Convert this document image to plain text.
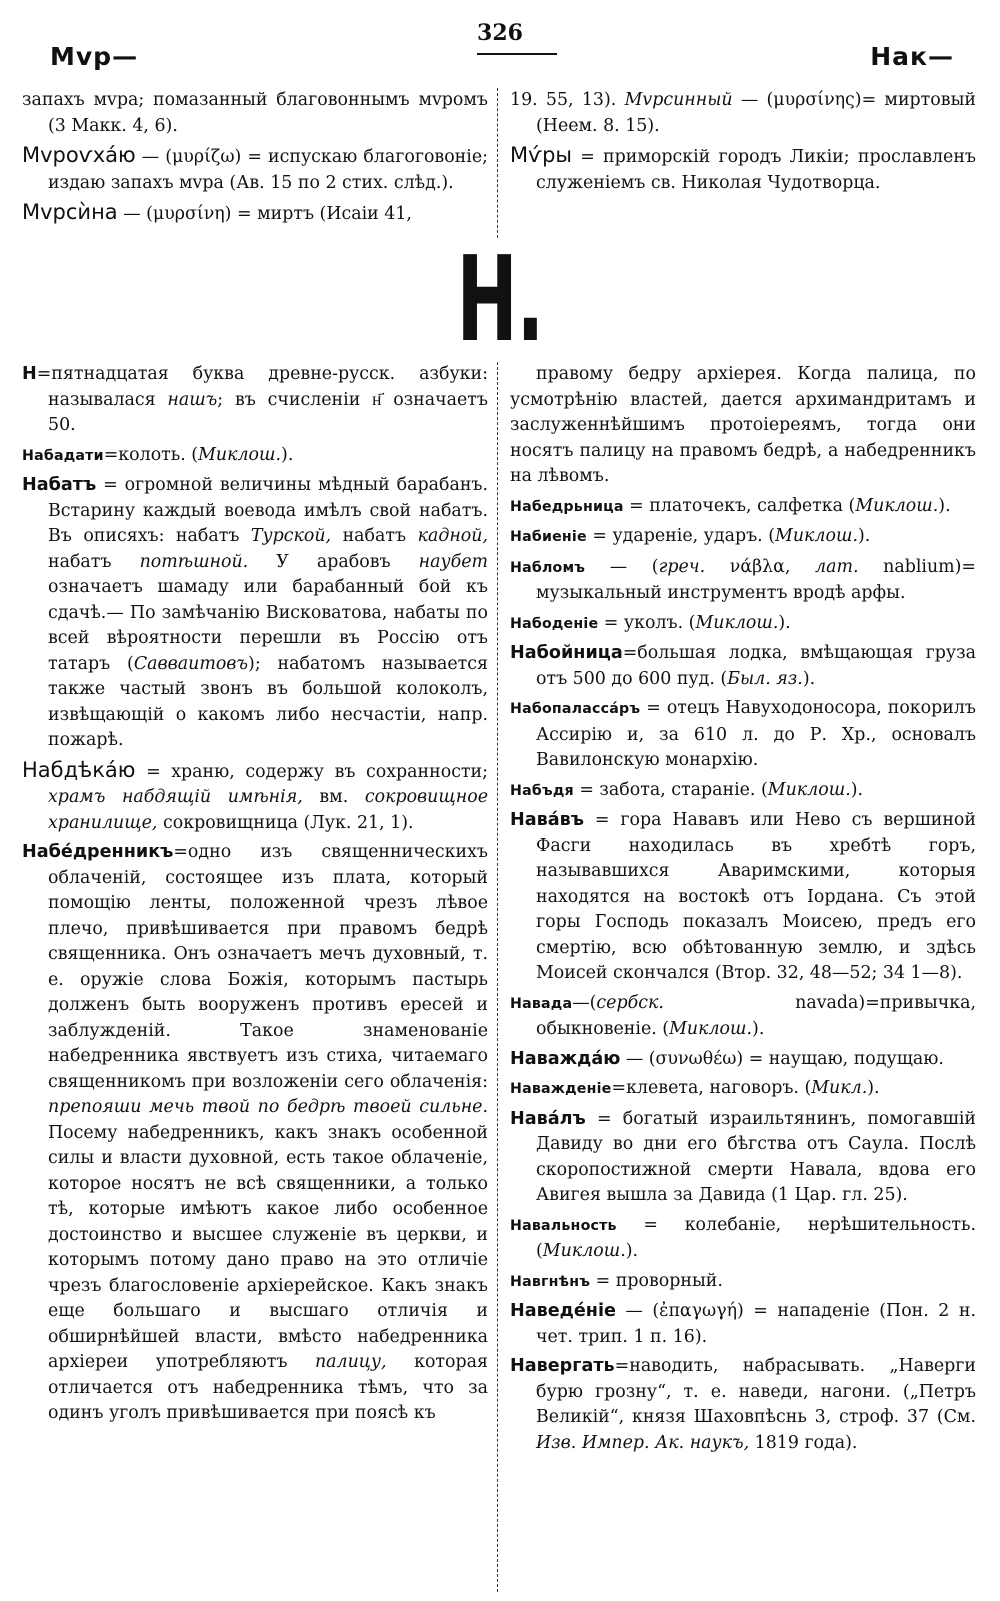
Мvр—
326
Нак—

запахъ мvра; помазанный благовоннымъ мvромъ (3 Макк. 4, 6).

Мvроѵха́ю — (μυρίζω) = испускаю благоговоніе; издаю запахъ мvра (Ав. 15 по 2 стих. слѣд.).

Мvрсѝна — (μυρσίνη) = миртъ (Исаiи 41,

19. 55, 13). Мvрсинный — (μυρσίνης)= миртовый (Неем. 8. 15).

Мѵ́ры = приморскiй городъ Ликiи; прославленъ служенiемъ св. Николая Чудотворца.

Н.

Н=пятнадцатая буква древне-русск. азбуки: называлася нашъ; въ счисленiи н҃ означаетъ 50.

Набадати=колоть. (Миклош.).

Набатъ = огромной величины мѣдный барабанъ. Встарину каждый воевода имѣлъ свой набатъ. Въ описяхъ: набатъ Турской, набатъ кадной, набатъ потѣшной. У арабовъ наубет означаетъ шамаду или барабанный бой къ сдачѣ.— По замѣчанiю Висковатова, набаты по всей вѣроятности перешли въ Россiю отъ татаръ (Савваитовъ); набатомъ называется также частый звонъ въ большой колоколъ, извѣщающiй о какомъ либо несчастiи, напр. пожарѣ.

Набдѣка́ю = храню, содержу въ сохранности; храмъ набдящiй имѣнiя, вм. сокровищное хранилище, сокровищница (Лук. 21, 1).

Набе́дренникъ=одно изъ священническихъ облаченiй, состоящее изъ плата, который помощiю ленты, положенной чрезъ лѣвое плечо, привѣшивается при правомъ бедрѣ священника. Онъ означаетъ мечъ духовный, т. е. оружiе слова Божiя, которымъ пастырь долженъ быть вооруженъ противъ ересей и заблужденiй. Такое знаменованiе набедренника явствуетъ изъ стиха, читаемаго священникомъ при возложенiи сего облаченiя: препояши мечь твой по бедрѣ твоей сильне. Посему набедренникъ, какъ знакъ особенной силы и власти духовной, есть такое облаченiе, которое носятъ не всѣ священники, а только тѣ, которые имѣютъ какое либо особенное достоинство и высшее служенiе въ церкви, и которымъ потому дано право на это отличiе чрезъ благословенiе архiерейское. Какъ знакъ еще большаго и высшаго отличiя и обширнѣйшей власти, вмѣсто набедренника архiереи употребляютъ палицу, которая отличается отъ набедренника тѣмъ, что за одинъ уголъ привѣшивается при поясѣ къ

правому бедру архiерея. Когда палица, по усмотрѣнiю властей, дается архимандритамъ и заслуженнѣйшимъ протоiереямъ, тогда они носятъ палицу на правомъ бедрѣ, а набедренникъ на лѣвомъ.

Набедрьница = платочекъ, салфетка (Миклош.).

Набиенiе = удареніе, ударъ. (Миклош.).

Набломъ — (греч. νάβλα, лат. nablium)= музыкальный инструментъ вродѣ арфы.

Набоденiе = уколъ. (Миклош.).

Набойница=большая лодка, вмѣщающая груза отъ 500 до 600 пуд. (Был. яз.).

Набопаласса́ръ = отецъ Навуходоносора, покорилъ Ассирiю и, за 610 л. до Р. Хр., основалъ Вавилонскую монархiю.

Набъдя = забота, старанiе. (Миклош.).

Нава́въ = гора Нававъ или Нево съ вершиной Фасги находилась въ хребтѣ горъ, называвшихся Аваримскими, которыя находятся на востокѣ отъ Iордана. Съ этой горы Господь показалъ Моисею, предъ его смертiю, всю обѣтованную землю, и здѣсь Моисей скончался (Втор. 32, 48—52; 34 1—8).

Навада—(сербск. navada)=привычка, обыкновенiе. (Миклош.).

Наважда́ю — (συνωθέω) = наущаю, подущаю.

Наважденiе=клевета, наговоръ. (Микл.).

Нава́лъ = богатый израильтянинъ, помогавшiй Давиду во дни его бѣгства отъ Саула. Послѣ скоропостижной смерти Навала, вдова его Авигея вышла за Давида (1 Цар. гл. 25).

Навальность = колебанiе, нерѣшительность. (Миклош.).

Навгнѣнъ = проворный.

Наведе́нiе — (ἐπαγωγή) = нападенiе (Пон. 2 н. чет. трип. 1 п. 16).

Навергать=наводить, набрасывать. „Наверги бурю грозну“, т. е. наведи, нагони. („Петръ Великiй“, князя Шаховпѣснь 3, строф. 37 (См. Изв. Импер. Ак. наукъ, 1819 года).
